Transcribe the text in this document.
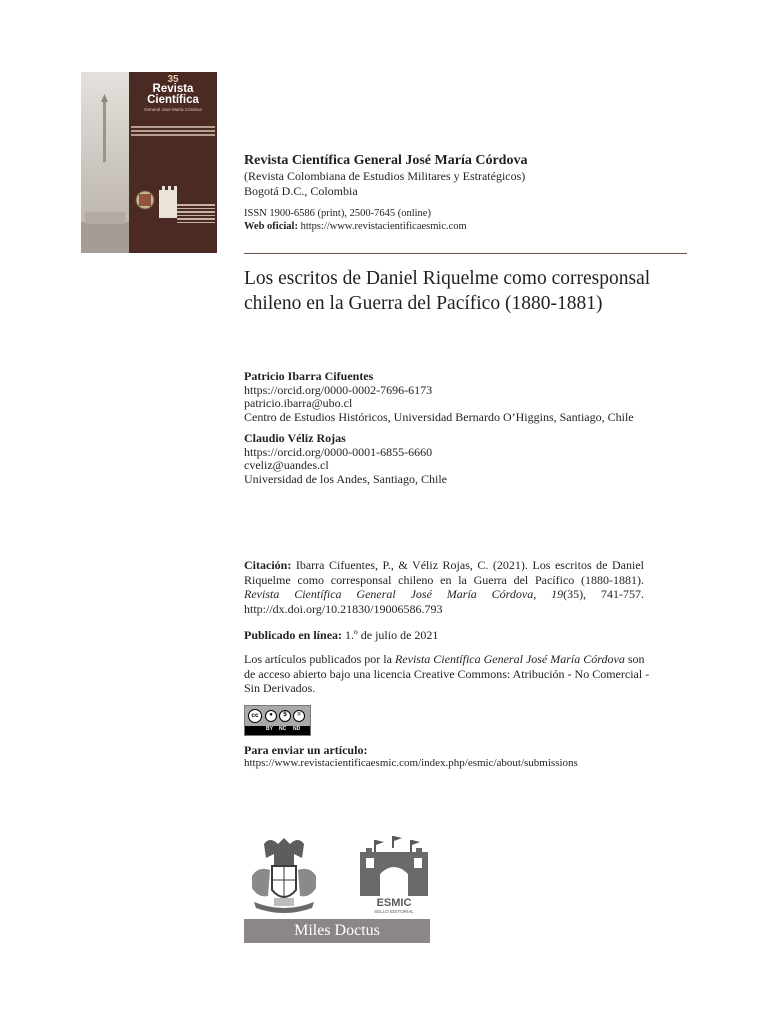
35
Revista
Científica
General José María Córdova
Revista Científica General José María Córdova
(Revista Colombiana de Estudios Militares y Estratégicos)
Bogotá D.C., Colombia
ISSN 1900-6586 (print), 2500-7645 (online)
Web oficial: https://www.revistacientificaesmic.com
Los escritos de Daniel Riquelme como corresponsal
chileno en la Guerra del Pacífico (1880-1881)
Patricio Ibarra Cifuentes
https://orcid.org/0000-0002-7696-6173
patricio.ibarra@ubo.cl
Centro de Estudios Históricos, Universidad Bernardo O’Higgins, Santiago, Chile
Claudio Véliz Rojas
https://orcid.org/0000-0001-6855-6660
cveliz@uandes.cl
Universidad de los Andes, Santiago, Chile
Citación: Ibarra Cifuentes, P., & Véliz Rojas, C. (2021). Los escritos de Daniel Riquelme como corresponsal chileno en la Guerra del Pacífico (1880-1881). Revista Científica General José María Córdova, 19(35), 741-757. http://dx.doi.org/10.21830/19006586.793
Publicado en línea: 1.º de julio de 2021
Los artículos publicados por la Revista Científica General José María Córdova son de acceso abierto bajo una licencia Creative Commons: Atribución - No Comercial - Sin Derivados.
cc	●	$	=
BY NC ND
Para enviar un artículo:
https://www.revistacientificaesmic.com/index.php/esmic/about/submissions
ESMIC
SELLO EDITORIAL
Miles Doctus
